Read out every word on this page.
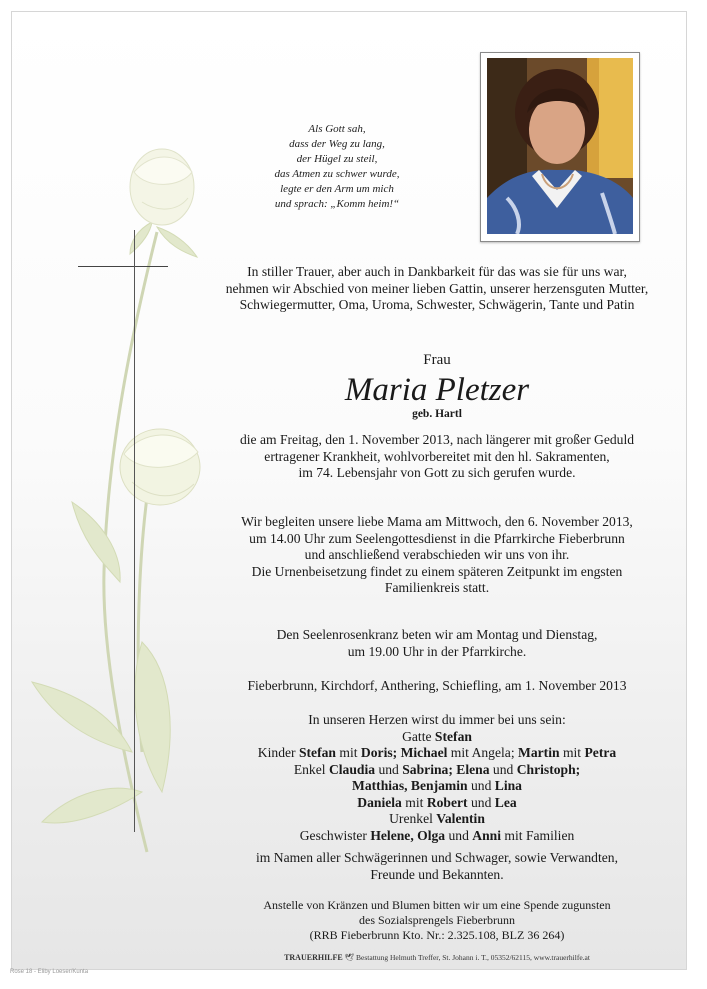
Als Gott sah,
dass der Weg zu lang,
der Hügel zu steil,
das Atmen zu schwer wurde,
legte er den Arm um mich
und sprach: „Komm heim!“
In stiller Trauer, aber auch in Dankbarkeit für das was sie für uns war,
nehmen wir Abschied von meiner lieben Gattin, unserer herzensguten Mutter,
Schwiegermutter, Oma, Uroma, Schwester, Schwägerin, Tante und Patin
Frau
Maria Pletzer
geb. Hartl
die am Freitag, den 1. November 2013, nach längerer mit großer Geduld
ertragener Krankheit, wohlvorbereitet mit den hl. Sakramenten,
im 74. Lebensjahr von Gott zu sich gerufen wurde.
Wir begleiten unsere liebe Mama am Mittwoch, den 6. November 2013,
um 14.00 Uhr zum Seelengottesdienst in die Pfarrkirche Fieberbrunn
und anschließend verabschieden wir uns von ihr.
Die Urnenbeisetzung findet zu einem späteren Zeitpunkt im engsten
Familienkreis statt.
Den Seelenrosenkranz beten wir am Montag und Dienstag,
um 19.00 Uhr in der Pfarrkirche.
Fieberbrunn, Kirchdorf, Anthering, Schiefling, am 1. November 2013
In unseren Herzen wirst du immer bei uns sein:
Gatte Stefan
Kinder Stefan mit Doris; Michael mit Angela; Martin mit Petra
Enkel Claudia und Sabrina; Elena und Christoph;
Matthias, Benjamin und Lina
Daniela mit Robert und Lea
Urenkel Valentin
Geschwister Helene, Olga und Anni mit Familien
im Namen aller Schwägerinnen und Schwager, sowie Verwandten,
Freunde und Bekannten.
Anstelle von Kränzen und Blumen bitten wir um eine Spende zugunsten
des Sozialsprengels Fieberbrunn
(RRB Fieberbrunn Kto. Nr.: 2.325.108, BLZ 36 264)
TRAUERHILFE 🕊 Bestattung Helmuth Treffer, St. Johann i. T., 05352/62115, www.trauerhilfe.at
Rose 18 - Eliby Loeser/Kunta
